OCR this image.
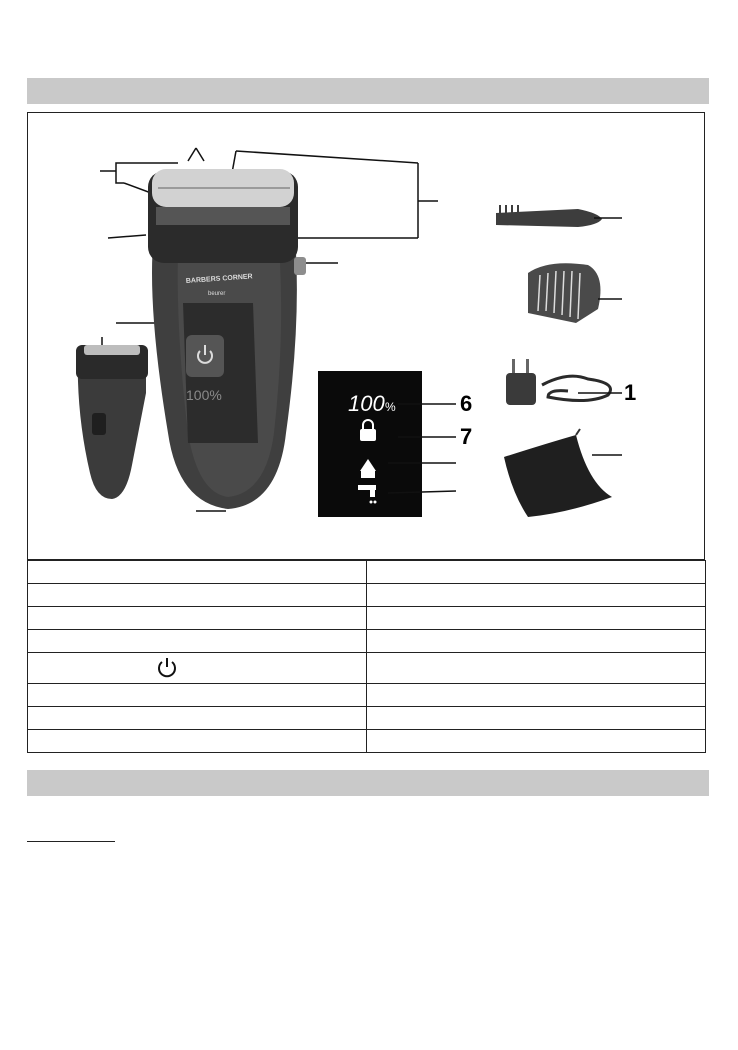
BARBERS CORNER
beurer
100%	100 %	6
7
1
